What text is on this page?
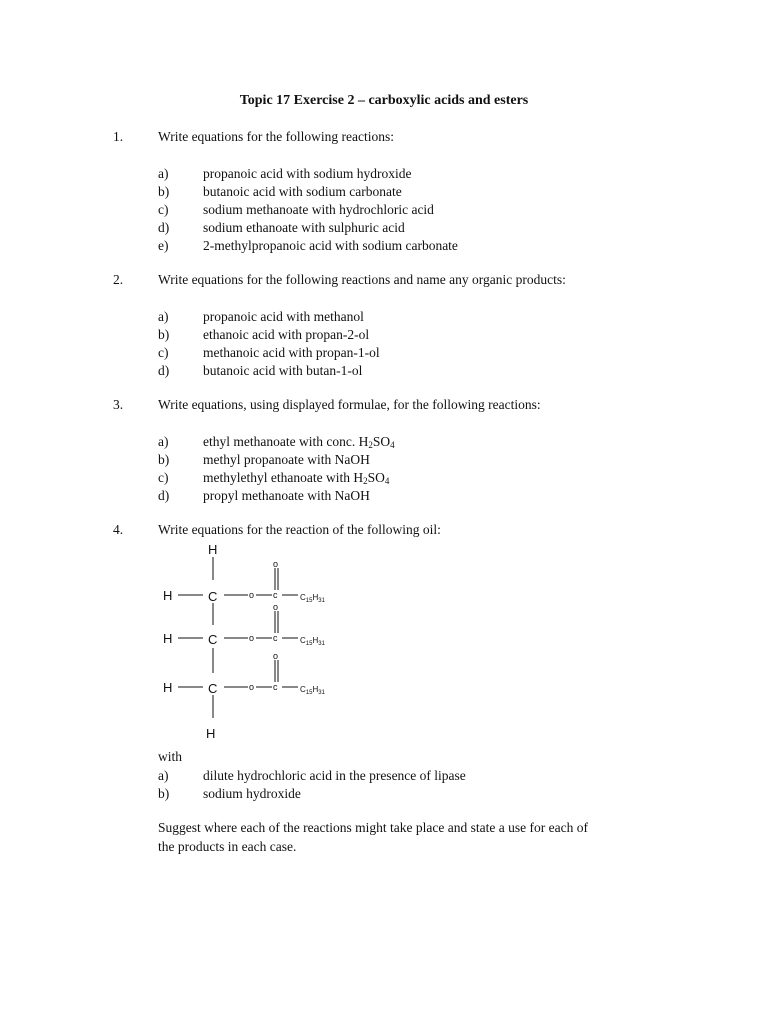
Topic 17 Exercise 2 – carboxylic acids and esters
1.	Write equations for the following reactions:
a)	propanoic acid with sodium hydroxide
b)	butanoic acid with sodium carbonate
c)	sodium methanoate with hydrochloric acid
d)	sodium ethanoate with sulphuric acid
e)	2-methylpropanoic acid with sodium carbonate
2.	Write equations for the following reactions and name any organic products:
a)	propanoic acid with methanol
b)	ethanoic acid with propan-2-ol
c)	methanoic acid with propan-1-ol
d)	butanoic acid with butan-1-ol
3.	Write equations, using displayed formulae, for the following reactions:
a)	ethyl methanoate with conc. $H_2SO_4$
b)	methyl propanoate with NaOH
c)	methylethyl ethanoate with $H_2SO_4$
d)	propyl methanoate with NaOH
4.	Write equations for the reaction of the following oil:
H
H	C	o c
o
$C_{15}H_{31}$
H	C	o c
o
$C_{15}H_{31}$
H	C	o c
o
$C_{15}H_{31}$
H
with
a)	dilute hydrochloric acid in the presence of lipase
b)	sodium hydroxide
Suggest where each of the reactions might take place and state a use for each of
the products in each case.
